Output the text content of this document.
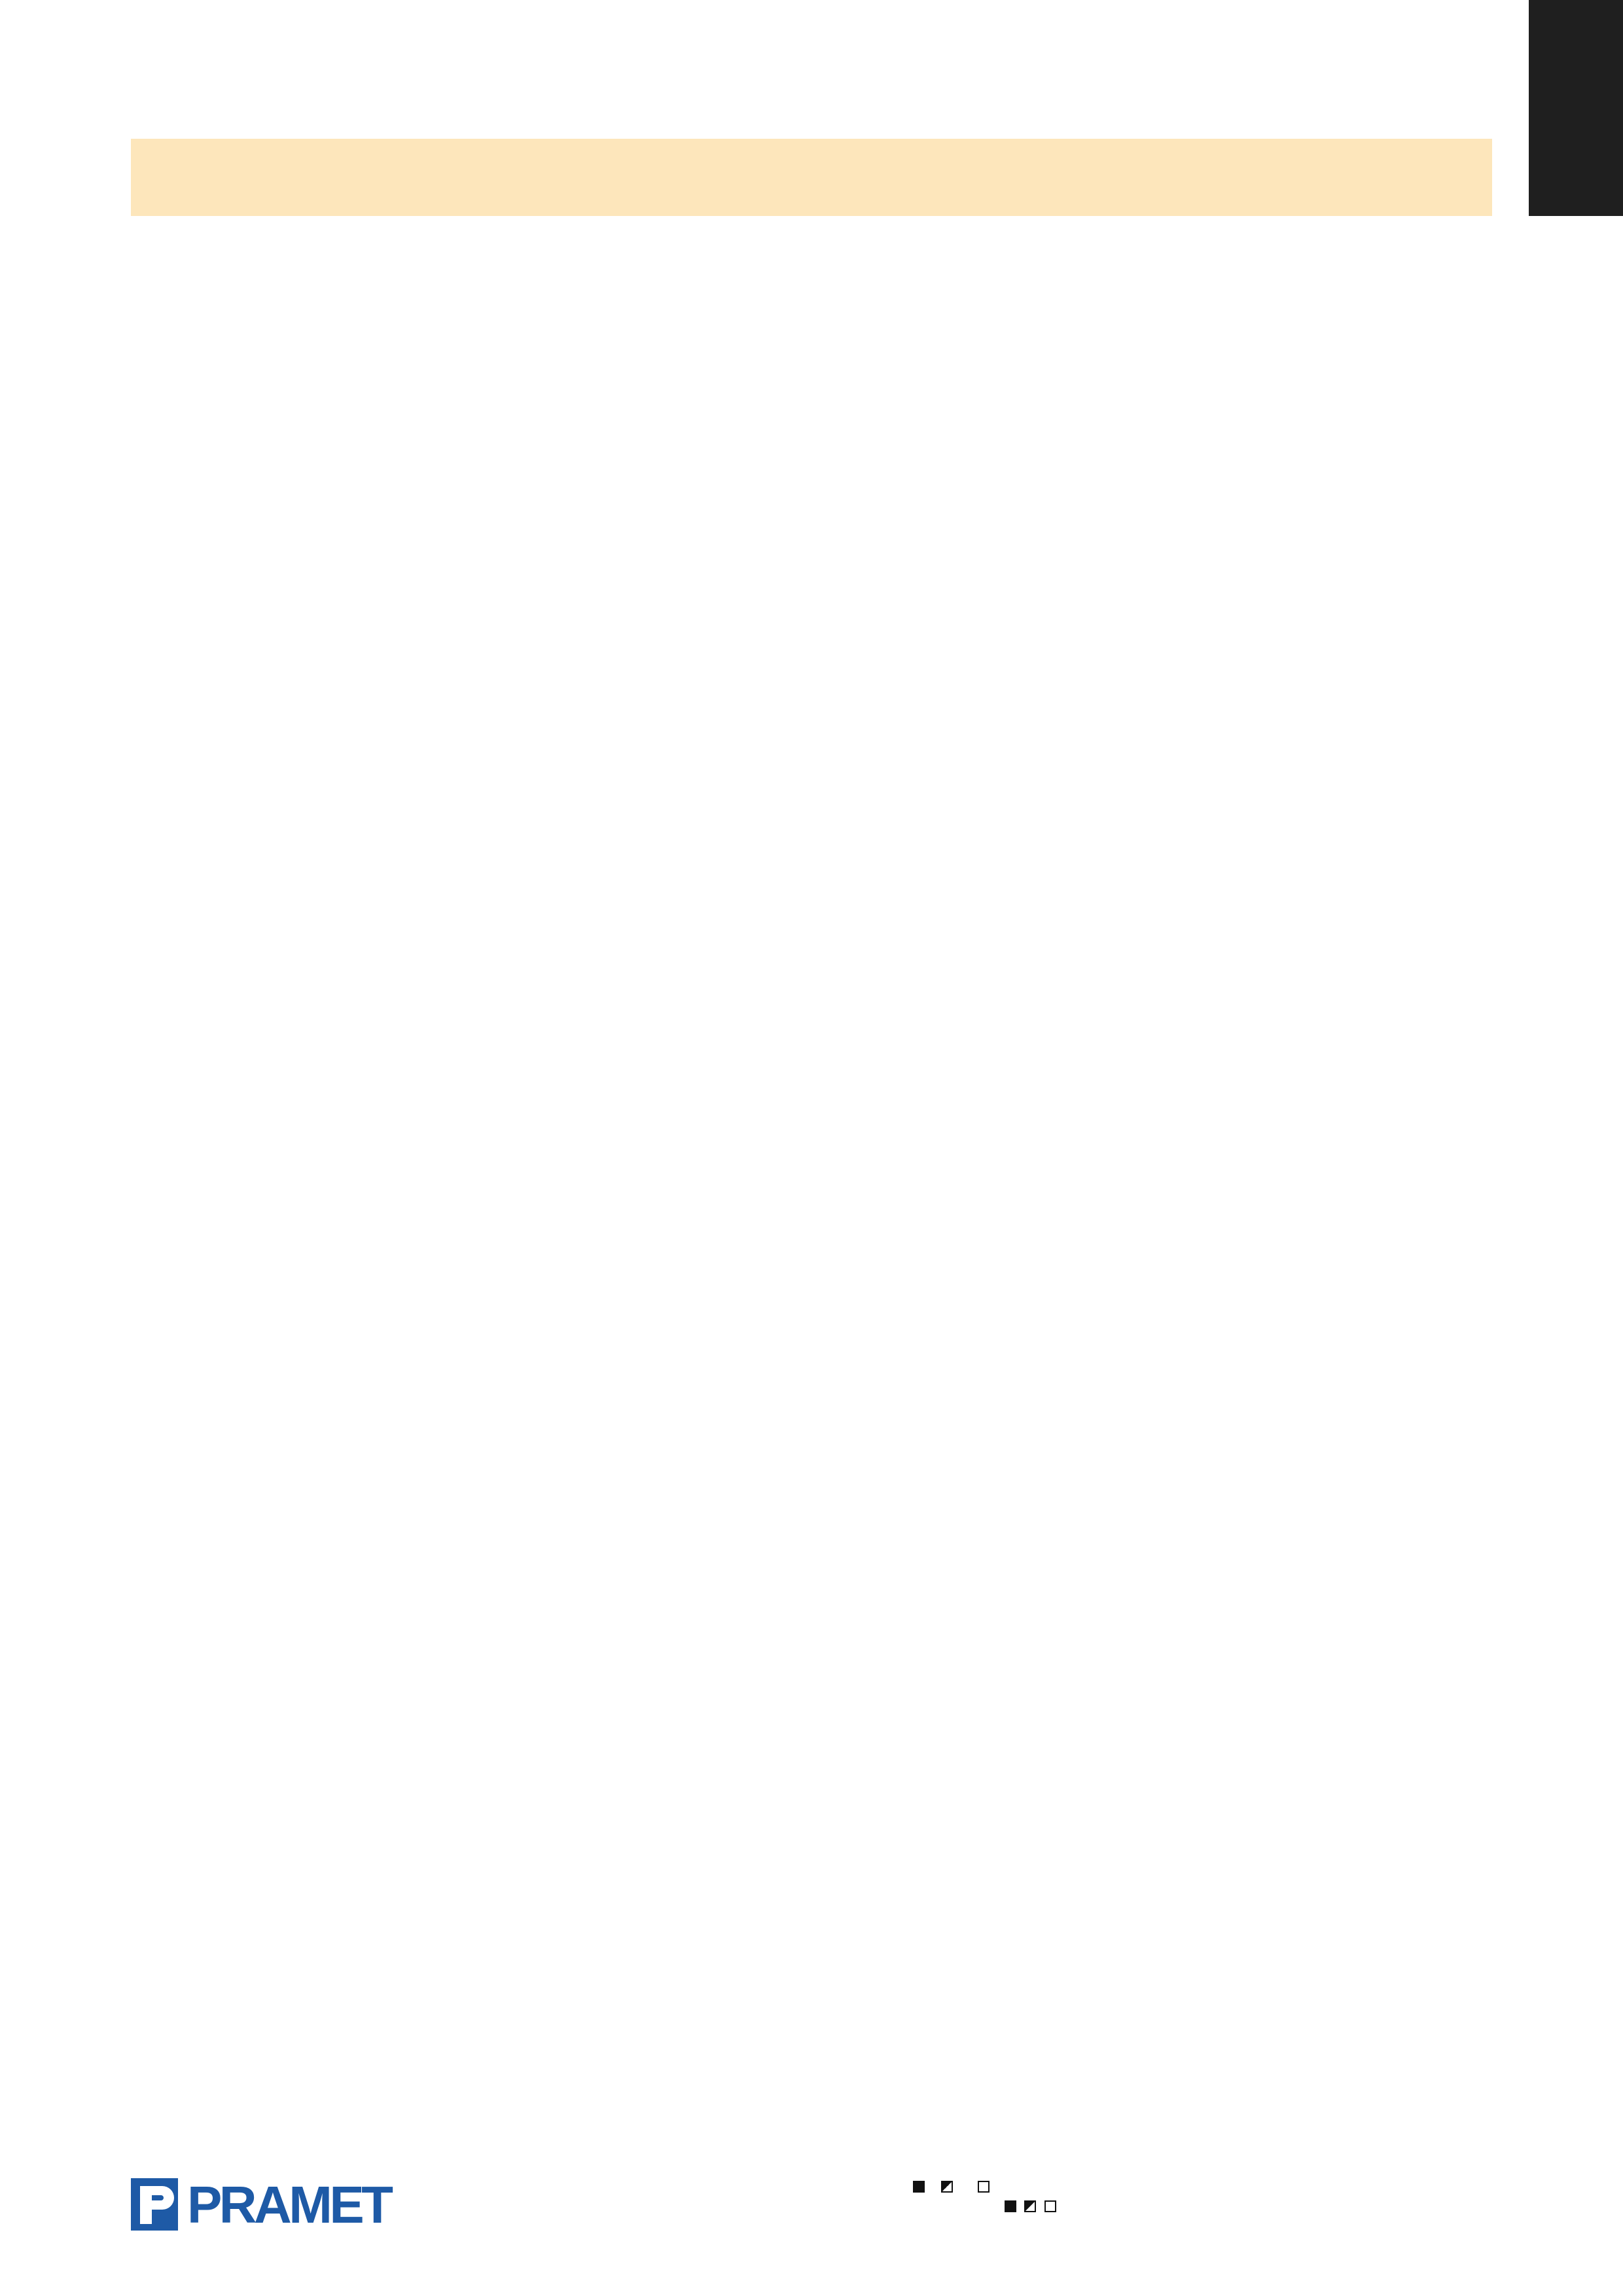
PRAMET
